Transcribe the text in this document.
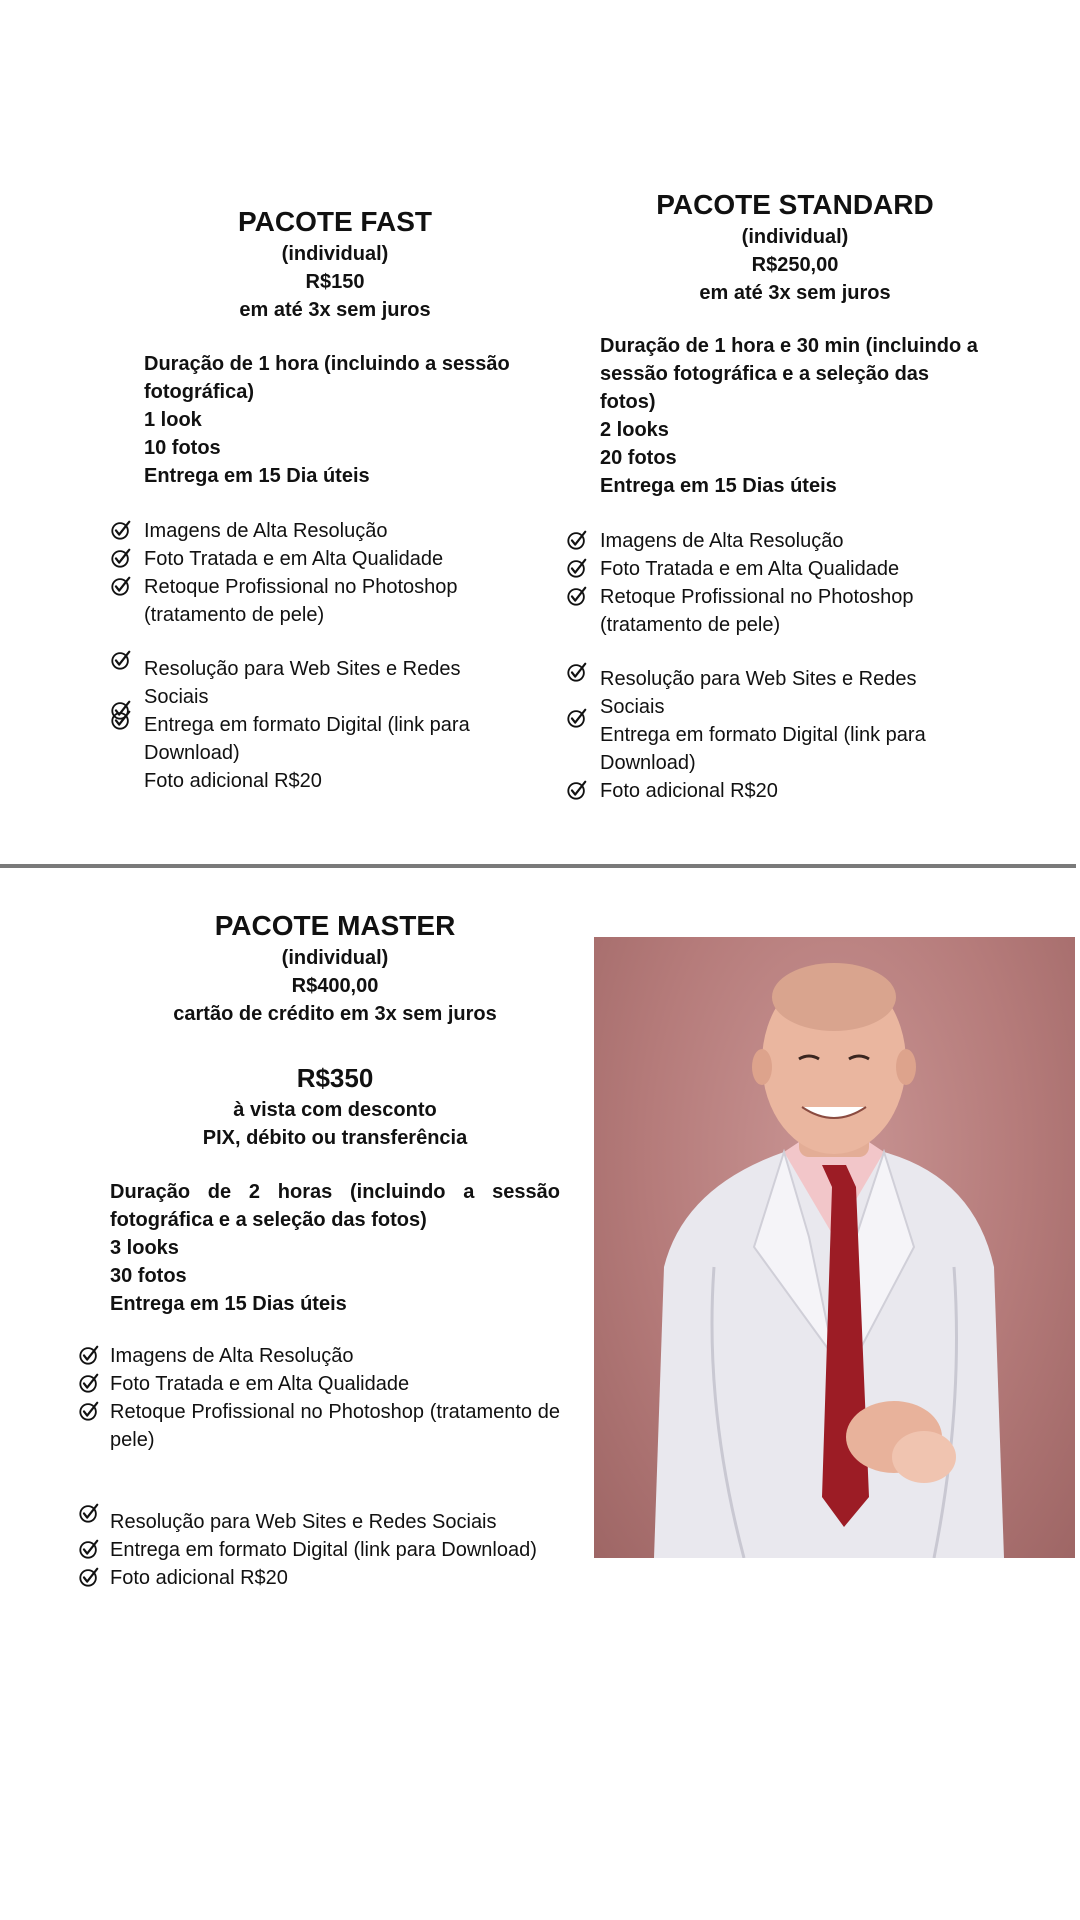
PACOTE FAST
(individual)
R$150
em até 3x sem juros
Duração de 1 hora (incluindo a sessão
fotográfica)
1 look
10 fotos
Entrega em 15 Dia úteis
Imagens de Alta Resolução
Foto Tratada e em Alta Qualidade
Retoque Profissional no Photoshop (tratamento de pele)
Resolução para Web Sites e Redes Sociais
Entrega em formato Digital (link para Download)
Foto adicional R$20
PACOTE STANDARD
(individual)
R$250,00
em até 3x sem juros
Duração de 1 hora e 30 min (incluindo a
sessão fotográfica e a seleção das
fotos)
2 looks
20 fotos
Entrega em 15 Dias úteis
Imagens de Alta Resolução
Foto Tratada e em Alta Qualidade
Retoque Profissional no Photoshop (tratamento de pele)
Resolução para Web Sites e Redes Sociais
Entrega em formato Digital (link para Download)
Foto adicional R$20
PACOTE MASTER
(individual)
R$400,00
cartão de crédito em 3x sem juros
R$350
à vista com desconto
PIX, débito ou transferência
Duração de 2 horas (incluindo a sessão fotográfica e a seleção das fotos)
3 looks
30 fotos
Entrega em 15 Dias úteis
Imagens de Alta Resolução
Foto Tratada e em Alta Qualidade
Retoque Profissional no Photoshop (tratamento de pele)
Resolução para Web Sites e Redes Sociais
Entrega em formato Digital (link para Download)
Foto adicional R$20
